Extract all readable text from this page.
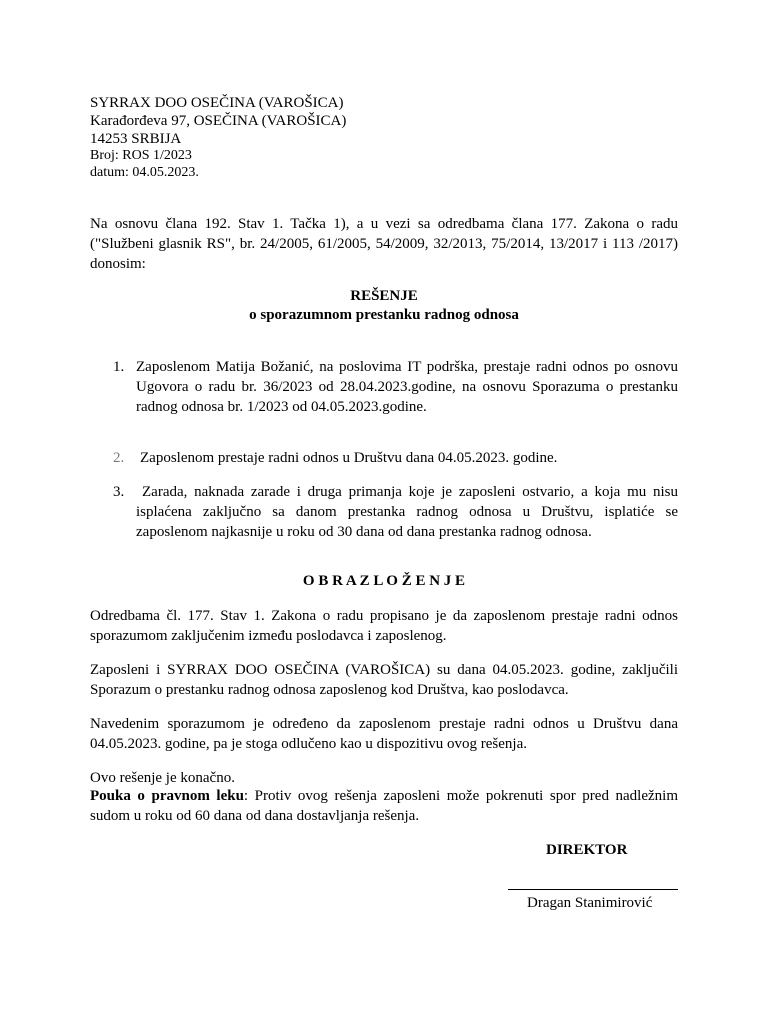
SYRRAX DOO OSEČINA (VAROŠICA)
Karađorđeva 97, OSEČINA (VAROŠICA)
14253 SRBIJA
Broj: ROS 1/2023
datum: 04.05.2023.
Na osnovu člana 192. Stav 1. Tačka 1), a u vezi sa odredbama člana 177. Zakona o radu ("Službeni glasnik RS", br. 24/2005, 61/2005, 54/2009, 32/2013, 75/2014, 13/2017 i 113 /2017) donosim:
REŠENJE
o sporazumnom prestanku radnog odnosa
1. Zaposlenom Matija Božanić, na poslovima IT podrška, prestaje radni odnos po osnovu Ugovora o radu br. 36/2023 od 28.04.2023.godine, na osnovu Sporazuma o prestanku radnog odnosa br. 1/2023 od 04.05.2023.godine.
2. Zaposlenom prestaje radni odnos u Društvu dana 04.05.2023. godine.
3.	Zarada, naknada zarade i druga primanja koje je zaposleni ostvario, a koja mu nisu isplaćena zaključno sa danom prestanka radnog odnosa u Društvu, isplatiće se zaposlenom najkasnije u roku od 30 dana od dana prestanka radnog odnosa.
O B R A Z L O Ž E N J E
Odredbama čl. 177. Stav 1. Zakona o radu propisano je da zaposlenom prestaje radni odnos sporazumom zaključenim između poslodavca i zaposlenog.
Zaposleni i SYRRAX DOO OSEČINA (VAROŠICA) su dana 04.05.2023. godine, zaključili Sporazum o prestanku radnog odnosa zaposlenog kod Društva, kao poslodavca.
Navedenim sporazumom je određeno da zaposlenom prestaje radni odnos u Društvu dana 04.05.2023. godine, pa je stoga odlučeno kao u dispozitivu ovog rešenja.
Ovo rešenje je konačno.
Pouka o pravnom leku: Protiv ovog rešenja zaposleni može pokrenuti spor pred nadležnim sudom u roku od 60 dana od dana dostavljanja rešenja.
DIREKTOR
Dragan Stanimirović
